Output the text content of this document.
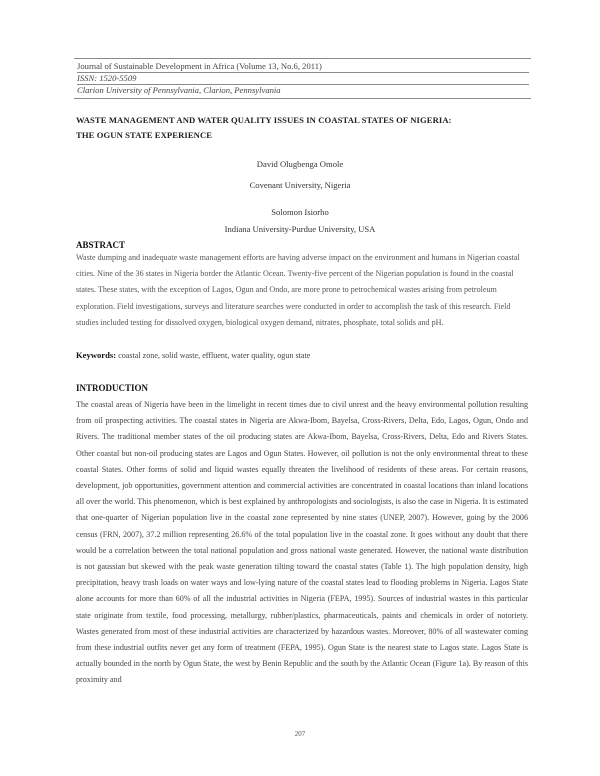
Journal of Sustainable Development in Africa (Volume 13, No.6, 2011)
ISSN: 1520-5509
Clarion University of Pennsylvania, Clarion, Pennsylvania
WASTE MANAGEMENT AND WATER QUALITY ISSUES IN COASTAL STATES OF NIGERIA:
THE OGUN STATE EXPERIENCE
David Olugbenga Omole
Covenant University, Nigeria
Solomon Isiorho
Indiana University-Purdue University, USA
ABSTRACT
Waste dumping and inadequate waste management efforts are having adverse impact on the environment and humans in Nigerian coastal cities. Nine of the 36 states in Nigeria border the Atlantic Ocean. Twenty-five percent of the Nigerian population is found in the coastal states. These states, with the exception of Lagos, Ogun and Ondo, are more prone to petrochemical wastes arising from petroleum exploration. Field investigations, surveys and literature searches were conducted in order to accomplish the task of this research. Field studies included testing for dissolved oxygen, biological oxygen demand, nitrates, phosphate, total solids and pH.
Keywords: coastal zone, solid waste, effluent, water quality, ogun state
INTRODUCTION
The coastal areas of Nigeria have been in the limelight in recent times due to civil unrest and the heavy environmental pollution resulting from oil prospecting activities. The coastal states in Nigeria are Akwa-Ibom, Bayelsa, Cross-Rivers, Delta, Edo, Lagos, Ogun, Ondo and Rivers. The traditional member states of the oil producing states are Akwa-Ibom, Bayelsa, Cross-Rivers, Delta, Edo and Rivers States. Other coastal but non-oil producing states are Lagos and Ogun States. However, oil pollution is not the only environmental threat to these coastal States. Other forms of solid and liquid wastes equally threaten the livelihood of residents of these areas. For certain reasons, development, job opportunities, government attention and commercial activities are concentrated in coastal locations than inland locations all over the world. This phenomenon, which is best explained by anthropologists and sociologists, is also the case in Nigeria. It is estimated that one-quarter of Nigerian population live in the coastal zone represented by nine states (UNEP, 2007). However, going by the 2006 census (FRN, 2007), 37.2 million representing 26.6% of the total population live in the coastal zone. It goes without any doubt that there would be a correlation between the total national population and gross national waste generated. However, the national waste distribution is not gaussian but skewed with the peak waste generation tilting toward the coastal states (Table 1). The high population density, high precipitation, heavy trash loads on water ways and low-lying nature of the coastal states lead to flooding problems in Nigeria. Lagos State alone accounts for more than 60% of all the industrial activities in Nigeria (FEPA, 1995). Sources of industrial wastes in this particular state originate from textile, food processing, metallurgy, rubber/plastics, pharmaceuticals, paints and chemicals in order of notoriety. Wastes generated from most of these industrial activities are characterized by hazardous wastes. Moreover, 80% of all wastewater coming from these industrial outfits never get any form of treatment (FEPA, 1995). Ogun State is the nearest state to Lagos state. Lagos State is actually bounded in the north by Ogun State, the west by Benin Republic and the south by the Atlantic Ocean (Figure 1a). By reason of this proximity and
207
